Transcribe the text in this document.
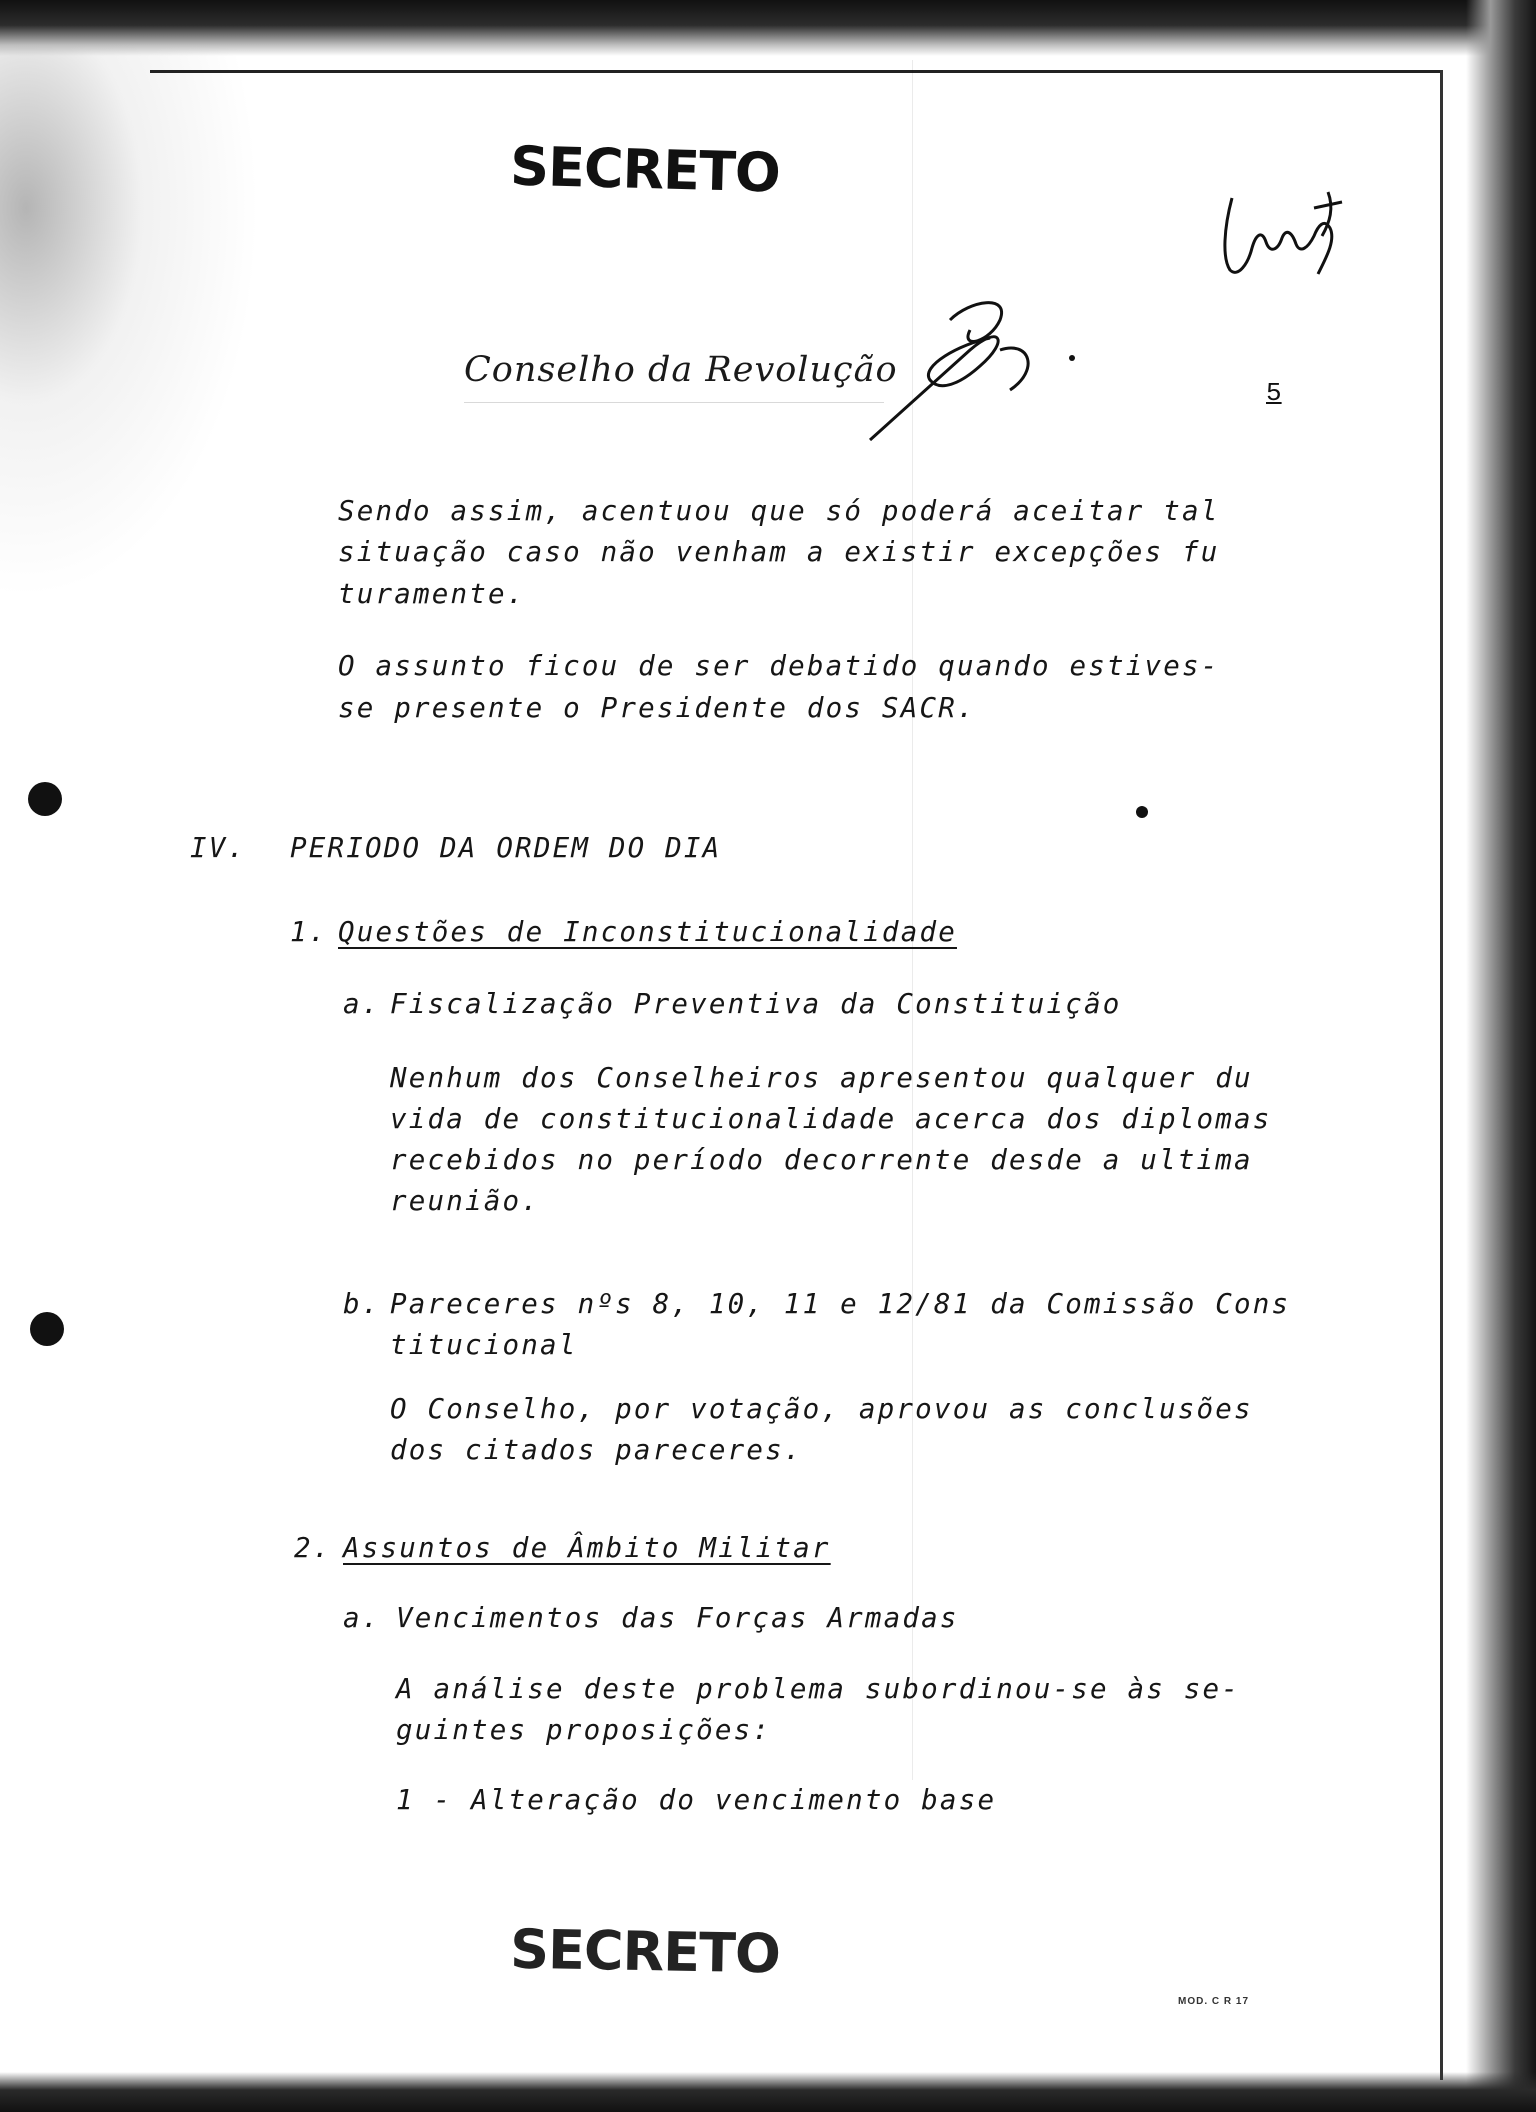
SECRETO
Conselho da Revolução
5
Sendo assim, acentuou que só poderá aceitar tal
situação caso não venham a existir excepções fu
turamente.
O assunto ficou de ser debatido quando estives-
se presente o Presidente dos SACR.
IV. PERIODO DA ORDEM DO DIA
1. Questões de Inconstitucionalidade
a. Fiscalização Preventiva da Constituição
Nenhum dos Conselheiros apresentou qualquer du
vida de constitucionalidade acerca dos diplomas
recebidos no período decorrente desde a ultima
reunião.
b. Pareceres nºs 8, 10, 11 e 12/81 da Comissão Cons
titucional
O Conselho, por votação, aprovou as conclusões
dos citados pareceres.
2. Assuntos de Âmbito Militar
a. Vencimentos das Forças Armadas
A análise deste problema subordinou-se às se-
guintes proposições:
1 - Alteração do vencimento base
SECRETO
MOD. C R 17
